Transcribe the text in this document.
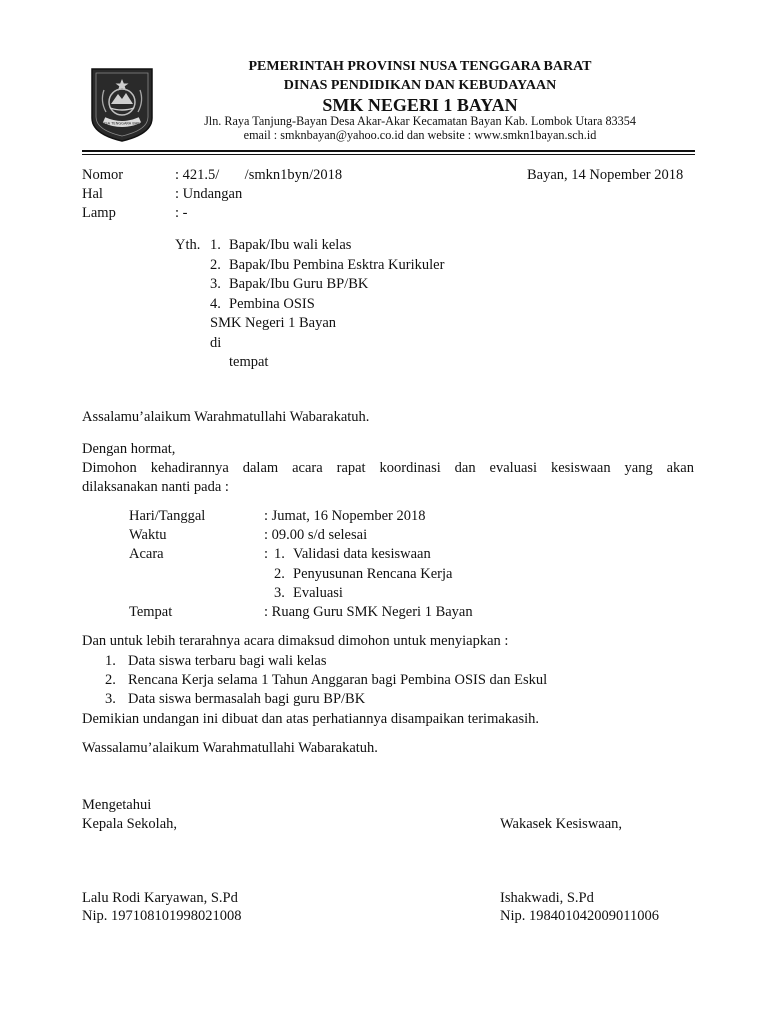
NUSA TENGGARA BARAT
PEMERINTAH PROVINSI NUSA TENGGARA BARAT
DINAS PENDIDIKAN DAN KEBUDAYAAN
SMK NEGERI 1 BAYAN
Jln. Raya Tanjung-Bayan Desa Akar-Akar Kecamatan Bayan Kab. Lombok Utara 83354
email : smknbayan@yahoo.co.id dan website : www.smkn1bayan.sch.id
Nomor	: 421.5/       /smkn1byn/2018	Bayan, 14 Nopember 2018
Hal	: Undangan
Lamp	: -
Yth. 1. Bapak/Ibu wali kelas
2. Bapak/Ibu Pembina Esktra Kurikuler
3. Bapak/Ibu Guru BP/BK
4. Pembina OSIS
SMK Negeri 1 Bayan
di
tempat
Assalamu’alaikum Warahmatullahi Wabarakatuh.
Dengan hormat,
Dimohon kehadirannya dalam acara rapat koordinasi dan evaluasi kesiswaan yang akan
dilaksanakan nanti pada :
Hari/Tanggal	: Jumat, 16 Nopember 2018
Waktu	: 09.00 s/d selesai
Acara	: 1. Validasi data kesiswaan
2. Penyusunan Rencana Kerja
3. Evaluasi
Tempat	: Ruang Guru SMK Negeri 1 Bayan
Dan untuk lebih terarahnya acara dimaksud dimohon untuk menyiapkan :
1. Data siswa terbaru bagi wali kelas
2. Rencana Kerja selama 1 Tahun Anggaran bagi Pembina OSIS dan Eskul
3. Data siswa bermasalah bagi guru BP/BK
Demikian undangan ini dibuat dan atas perhatiannya disampaikan terimakasih.
Wassalamu’alaikum Warahmatullahi Wabarakatuh.
Mengetahui
Kepala Sekolah,	Wakasek Kesiswaan,
Lalu Rodi Karyawan, S.Pd	Ishakwadi, S.Pd
Nip. 197108101998021008	Nip. 198401042009011006
